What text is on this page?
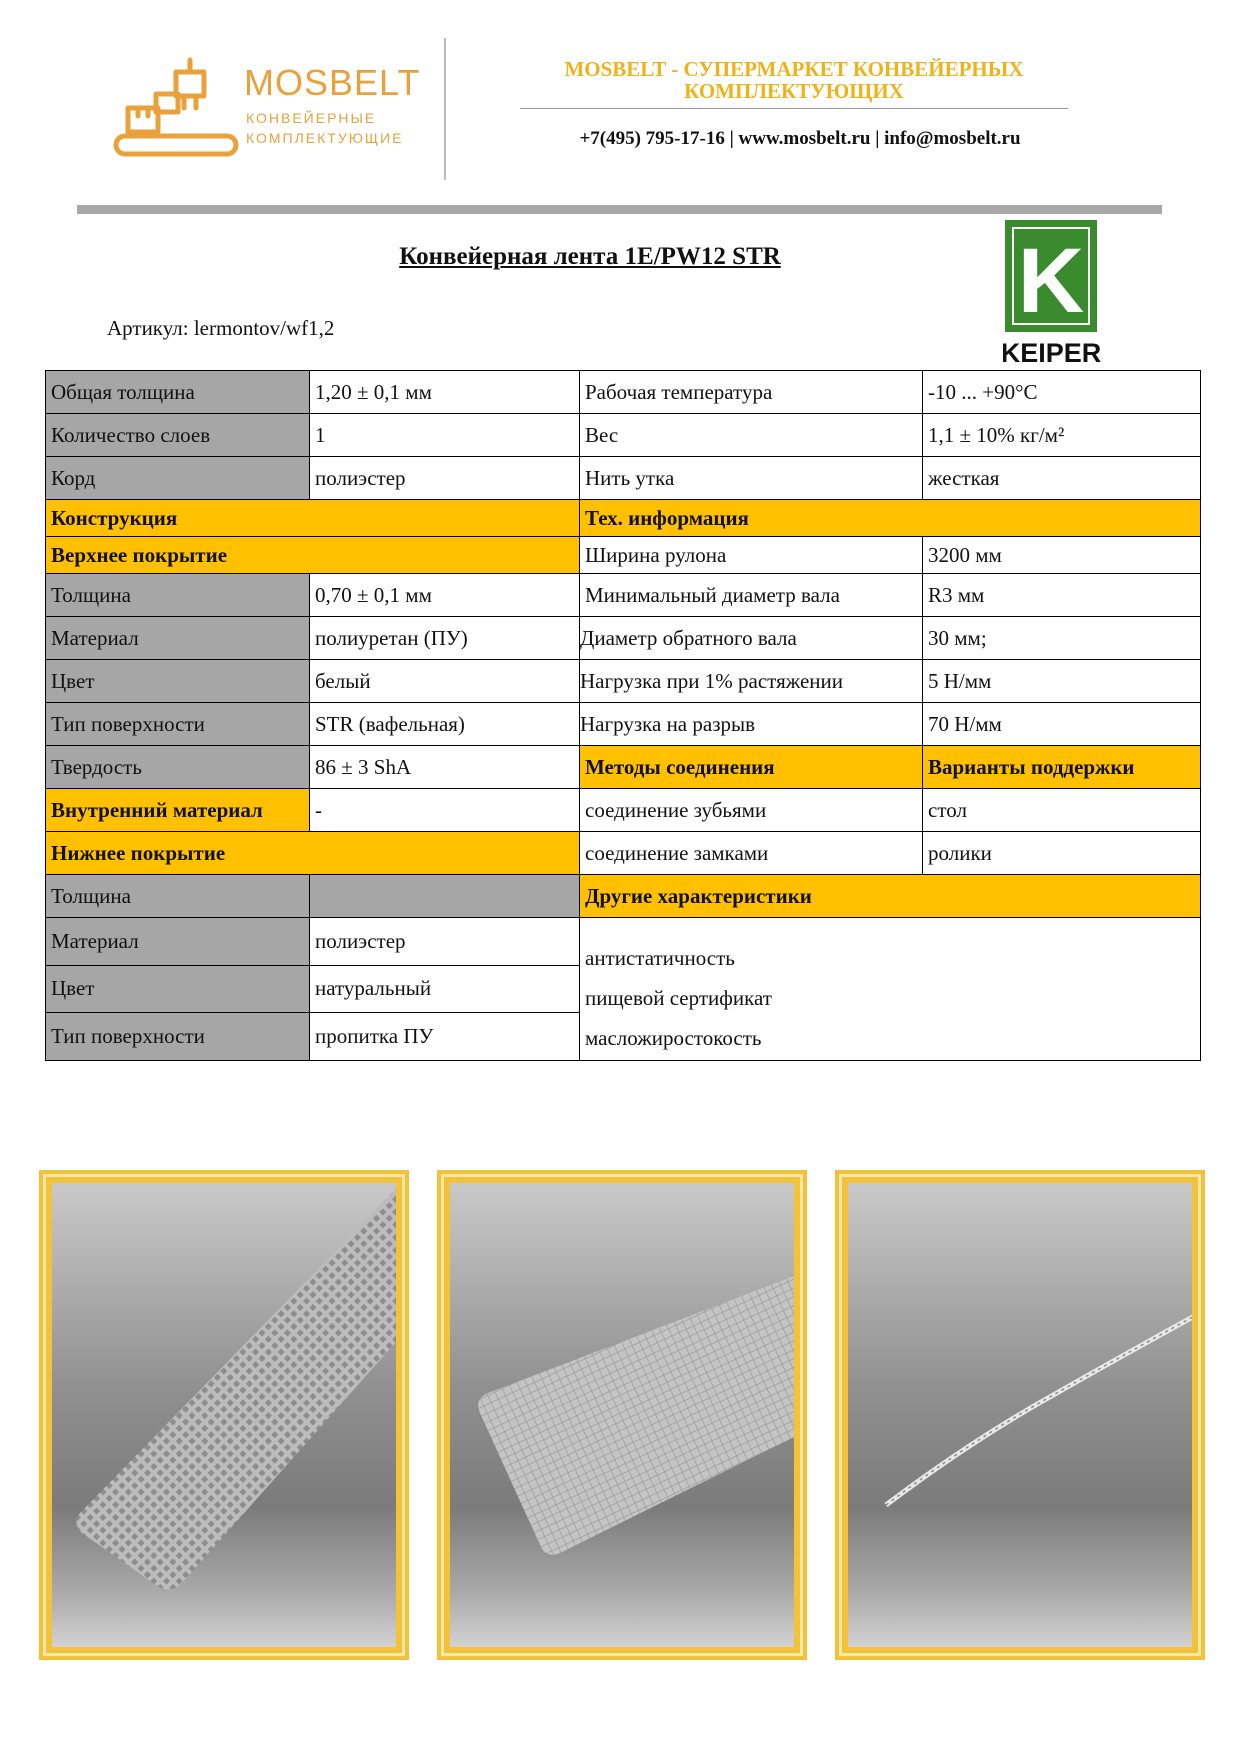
MOSBELT
КОНВЕЙЕРНЫЕ
КОМПЛЕКТУЮЩИЕ
MOSBELT - СУПЕРМАРКЕТ КОНВЕЙЕРНЫХ
КОМПЛЕКТУЮЩИХ
+7(495) 795-17-16 | www.mosbelt.ru | info@mosbelt.ru
Конвейерная лента 1E/PW12 STR
Артикул: lermontov/wf1,2	K
KEIPER
Общая толщина	1,20 ± 0,1 мм	Рабочая температура	-10 ... +90°C
Количество слоев	1	Вес	1,1 ± 10% кг/м²
Корд	полиэстер	Нить утка	жесткая
Конструкция		Тех. информация	
Верхнее покрытие		Ширина рулона	3200 мм
Толщина	0,70 ± 0,1 мм	Минимальный диаметр вала	R3 мм
Материал	полиуретан (ПУ)	Диаметр обратного вала	30 мм;
Цвет	белый	Нагрузка при 1% растяжении	5 Н/мм
Тип поверхности	STR (вафельная)	Нагрузка на разрыв	70 Н/мм
Твердость	86 ± 3 ShA	Методы соединения	Варианты поддержки
Внутренний материал	-	соединение зубьями	стол
Нижнее покрытие		соединение замками	ролики
Толщина		Другие характеристики	
Материал	полиэстер	антистатичность
пищевой сертификат
масложиростокость	

Цвет	натуральный		
Тип поверхности	пропитка ПУ		
